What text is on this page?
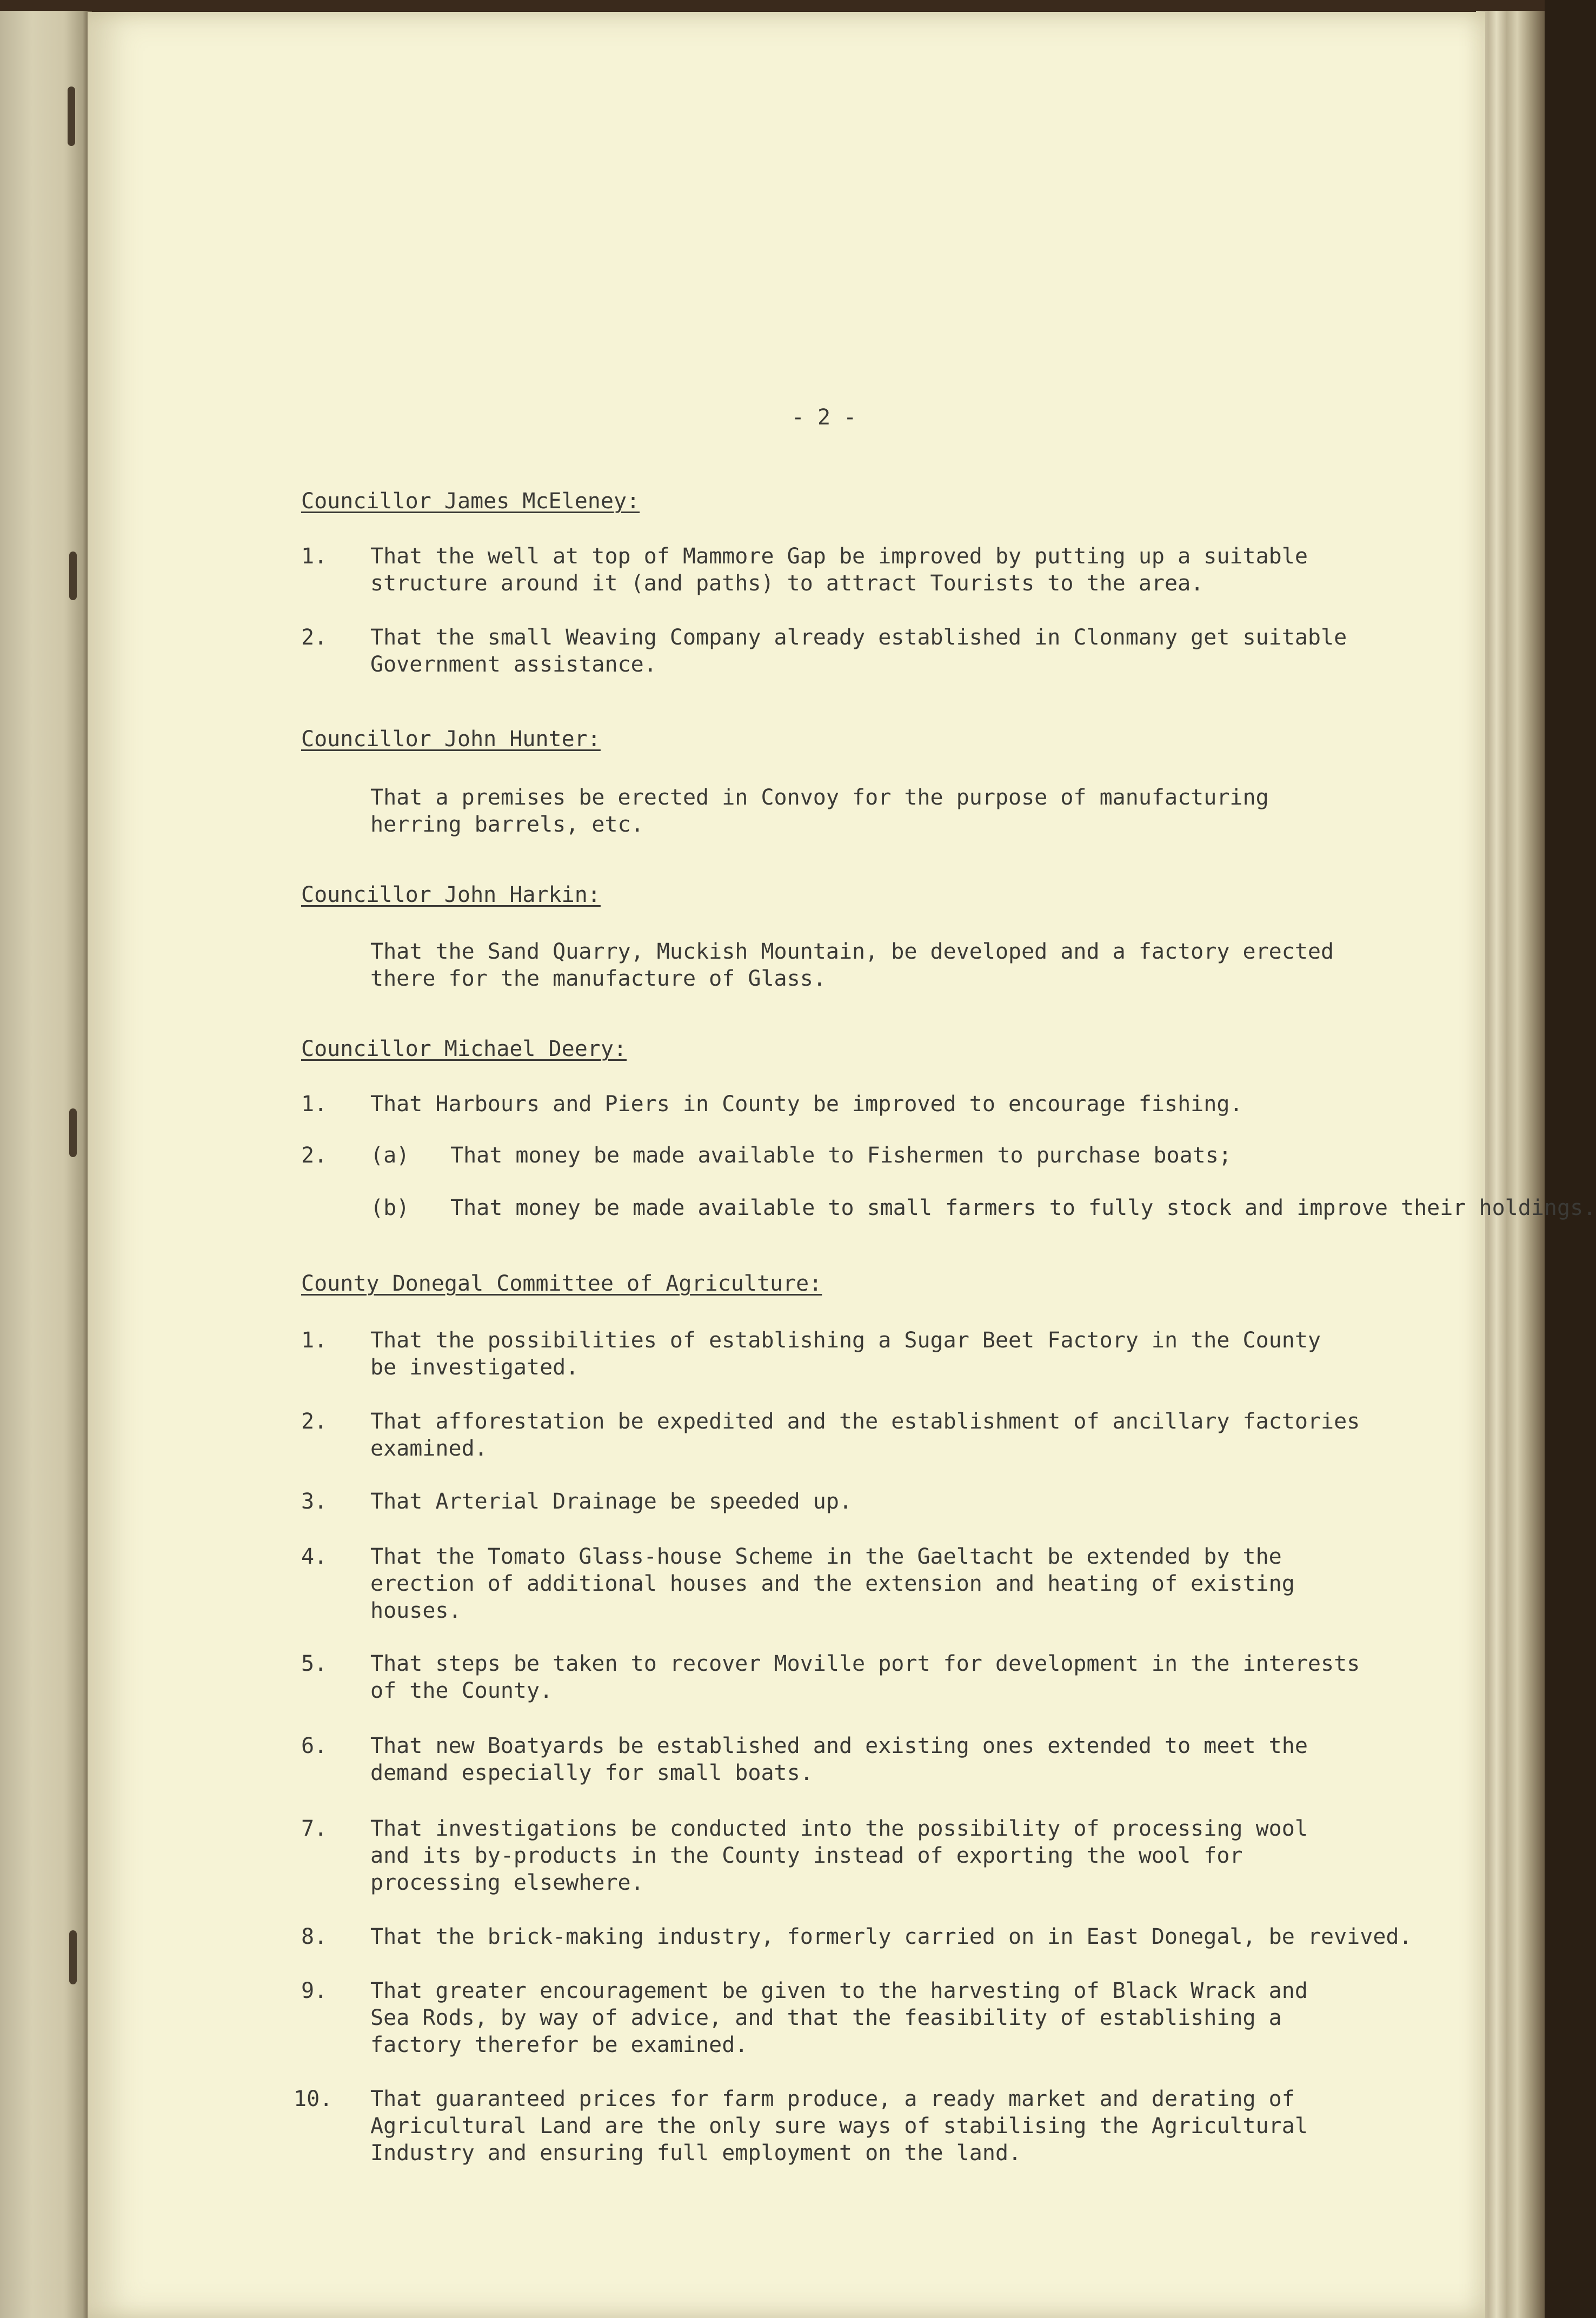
- 2 -
Councillor James McEleney:
1.	That the well at top of Mammore Gap be improved by putting up a suitable
structure around it (and paths) to attract Tourists to the area.
2.	That the small Weaving Company already established in Clonmany get suitable
Government assistance.
Councillor John Hunter:
That a premises be erected in Convoy for the purpose of manufacturing
herring barrels, etc.
Councillor John Harkin:
That the Sand Quarry, Muckish Mountain, be developed and a factory erected
there for the manufacture of Glass.
Councillor Michael Deery:
1.	That Harbours and Piers in County be improved to encourage fishing.
2.	(a) That money be made available to Fishermen to purchase boats;
(b) That money be made available to small farmers to fully stock and improve their holdings.
County Donegal Committee of Agriculture:
1.	That the possibilities of establishing a Sugar Beet Factory in the County
be investigated.
2.	That afforestation be expedited and the establishment of ancillary factories
examined.
3.	That Arterial Drainage be speeded up.
4.	That the Tomato Glass-house Scheme in the Gaeltacht be extended by the
erection of additional houses and the extension and heating of existing
houses.
5.	That steps be taken to recover Moville port for development in the interests
of the County.
6.	That new Boatyards be established and existing ones extended to meet the
demand especially for small boats.
7.	That investigations be conducted into the possibility of processing wool
and its by-products in the County instead of exporting the wool for
processing elsewhere.
8.	That the brick-making industry, formerly carried on in East Donegal, be revived.
9.	That greater encouragement be given to the harvesting of Black Wrack and
Sea Rods, by way of advice, and that the feasibility of establishing a
factory therefor be examined.
10.	That guaranteed prices for farm produce, a ready market and derating of
Agricultural Land are the only sure ways of stabilising the Agricultural
Industry and ensuring full employment on the land.
